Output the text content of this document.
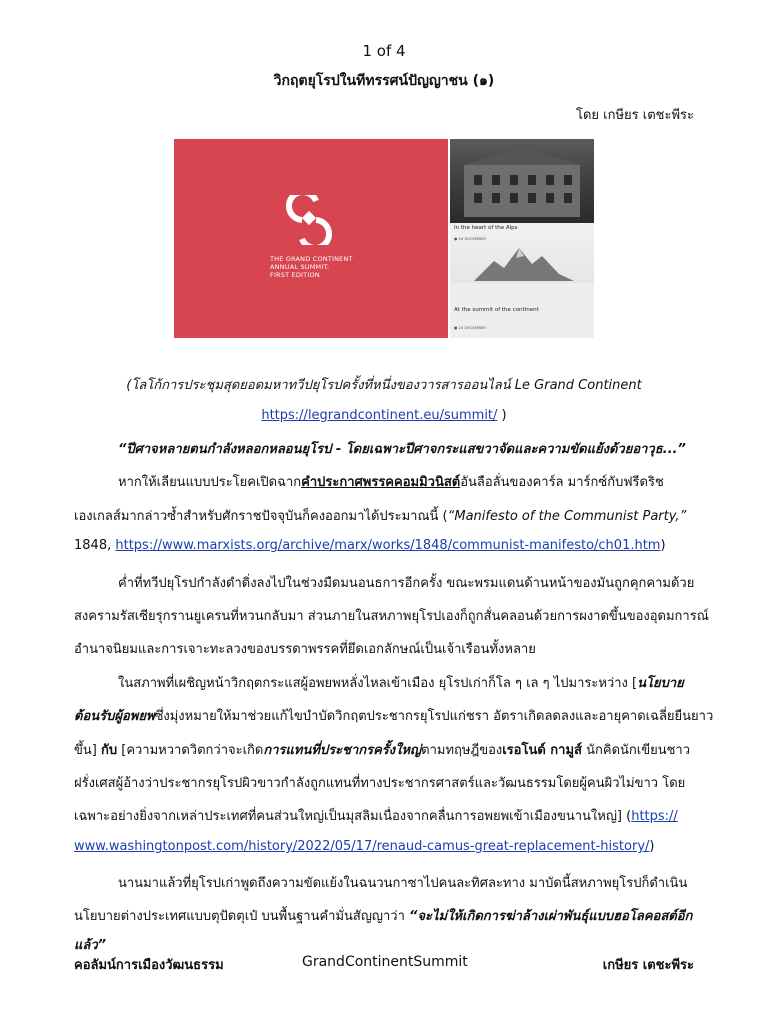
1 of 4
วิกฤตยุโรปในทีทรรศน์ปัญญาชน (๑)
โดย เกษียร เตชะพีระ
THE GRAND CONTINENT
ANNUAL SUMMIT:
FIRST EDITION
In the heart of the Alps
● 16 DECEMBER
At the summit of the continent
● 20 DECEMBER
(โลโก้การประชุมสุดยอดมหาทวีปยุโรปครั้งที่หนึ่งของวารสารออนไลน์ Le Grand Continent
https://legrandcontinent.eu/summit/ )
“ปีศาจหลายตนกำลังหลอกหลอนยุโรป - โดยเฉพาะปีศาจกระแสขวาจัดและความขัดแย้งด้วยอาวุธ...”
หากให้เลียนแบบประโยคเปิดฉากคำประกาศพรรคคอมมิวนิสต์อันลือลั่นของคาร์ล มาร์กซ์กับฟรีดริช
เองเกลส์มากล่าวซ้ำสำหรับศักราชปัจจุบันก็คงออกมาได้ประมาณนี้ (“Manifesto of the Communist Party,”
1848, https://www.marxists.org/archive/marx/works/1848/communist-manifesto/ch01.htm)
ค่ำที่ทวีปยุโรปกำลังดำดิ่งลงไปในช่วงมืดมนอนธการอีกครั้ง ขณะพรมแดนด้านหน้าของมันถูกคุกคามด้วย
สงครามรัสเซียรุกรานยูเครนที่หวนกลับมา ส่วนภายในสหภาพยุโรปเองก็ถูกสั่นคลอนด้วยการผงาดขึ้นของอุดมการณ์
อำนาจนิยมและการเจาะทะลวงของบรรดาพรรคที่ยึดเอกลักษณ์เป็นเจ้าเรือนทั้งหลาย
ในสภาพที่เผชิญหน้าวิกฤตกระแสผู้อพยพหลั่งไหลเข้าเมือง ยุโรปเก่าก็โล ๆ เล ๆ ไปมาระหว่าง [นโยบาย
ต้อนรับผู้อพยพซึ่งมุ่งหมายให้มาช่วยแก้ไขบำบัดวิกฤตประชากรยุโรปแก่ชรา อัตราเกิดลดลงและอายุคาดเฉลี่ยยืนยาว
ขึ้น] กับ [ความหวาดวิตกว่าจะเกิดการแทนที่ประชากรครั้งใหญ่ตามทฤษฎีของเรอโนด์ กามูส์ นักคิดนักเขียนชาว
ฝรั่งเศสผู้อ้างว่าประชากรยุโรปผิวขาวกำลังถูกแทนที่ทางประชากรศาสตร์และวัฒนธรรมโดยผู้คนผิวไม่ขาว โดย
เฉพาะอย่างยิ่งจากเหล่าประเทศที่คนส่วนใหญ่เป็นมุสลิมเนื่องจากคลื่นการอพยพเข้าเมืองขนานใหญ่] (https://
www.washingtonpost.com/history/2022/05/17/renaud-camus-great-replacement-history/)
นานมาแล้วที่ยุโรปเก่าพูดถึงความขัดแย้งในฉนวนกาซาไปคนละทิศละทาง มาบัดนี้สหภาพยุโรปก็ดำเนิน
นโยบายต่างประเทศแบบตุปัดตุเป๋ บนพื้นฐานคำมั่นสัญญาว่า “จะไม่ให้เกิดการฆ่าล้างเผ่าพันธุ์แบบฮอโลคอสต์อีก
แล้ว”
คอลัมน์การเมืองวัฒนธรรม	GrandContinentSummit	เกษียร เตชะพีระ
